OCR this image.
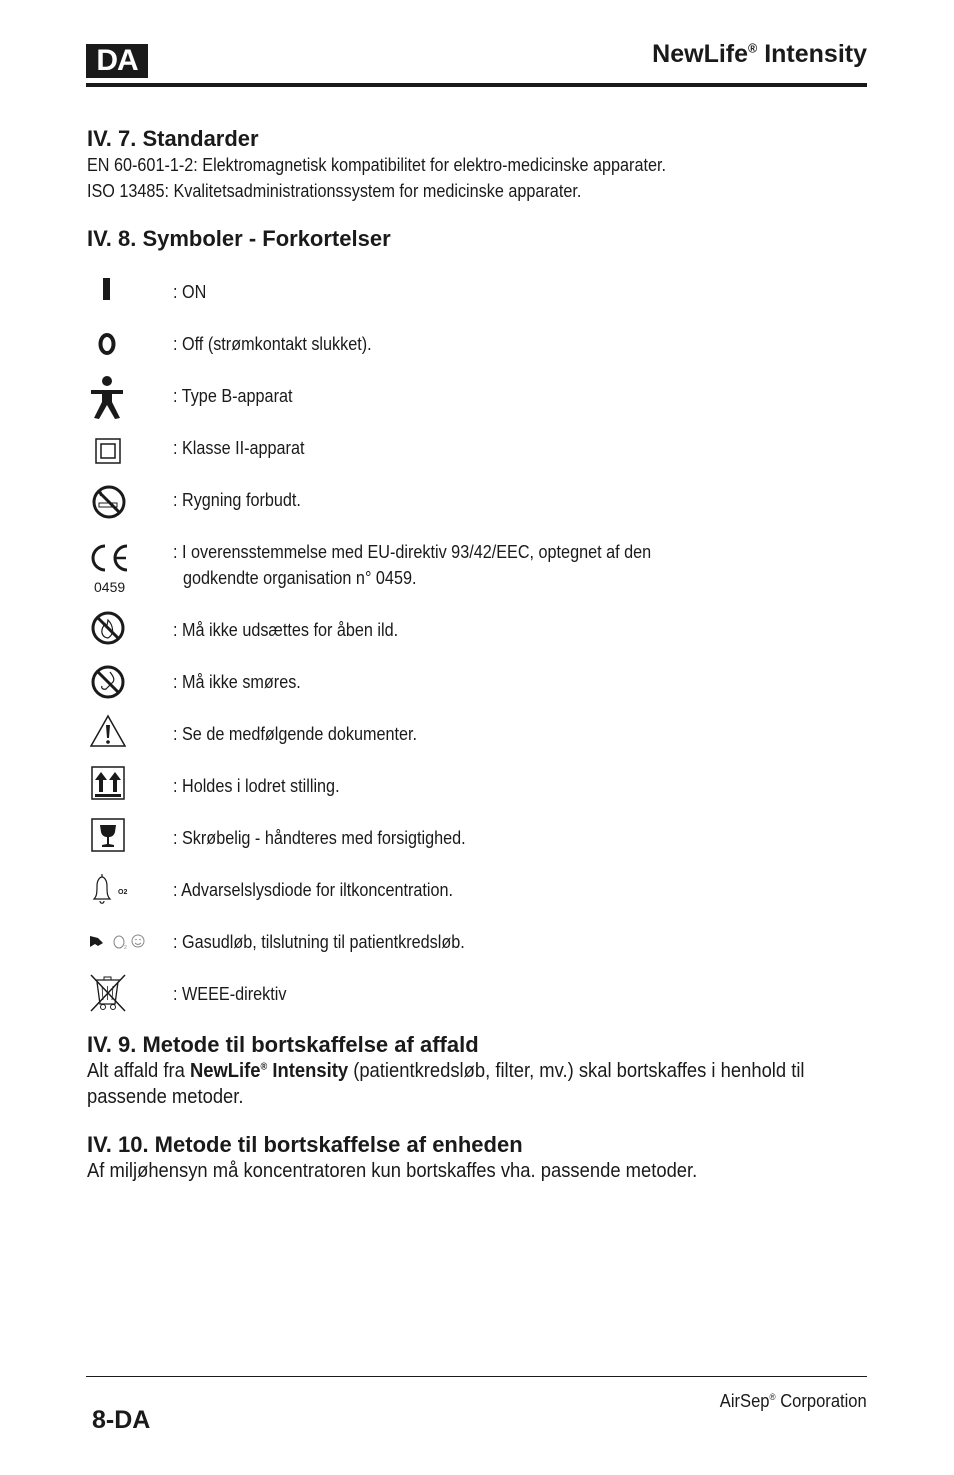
DA	NewLife® Intensity
IV. 7. Standarder
EN 60-601-1-2: Elektromagnetisk kompatibilitet for elektro-medicinske apparater.
ISO 13485: Kvalitetsadministrationssystem for medicinske apparater.
IV. 8. Symboler - Forkortelser
: ON
: Off (strømkontakt slukket).
: Type B-apparat
: Klasse II-apparat
: Rygning forbudt.
0459
: I overensstemmelse med EU-direktiv 93/42/EEC, optegnet af den
godkendte organisation n° 0459.
: Må ikke udsættes for åben ild.
: Må ikke smøres.
: Se de medfølgende dokumenter.
: Holdes i lodret stilling.
: Skrøbelig - håndteres med forsigtighed.
O2	: Advarselslysdiode for iltkoncentration.
2	: Gasudløb, tilslutning til patientkredsløb.
: WEEE-direktiv
IV. 9. Metode til bortskaffelse af affald
Alt affald fra NewLife® Intensity (patientkredsløb, filter, mv.) skal bortskaffes i henhold til passende metoder.
IV. 10. Metode til bortskaffelse af enheden
Af miljøhensyn må koncentratoren kun bortskaffes vha. passende metoder.
AirSep® Corporation
8-DA
